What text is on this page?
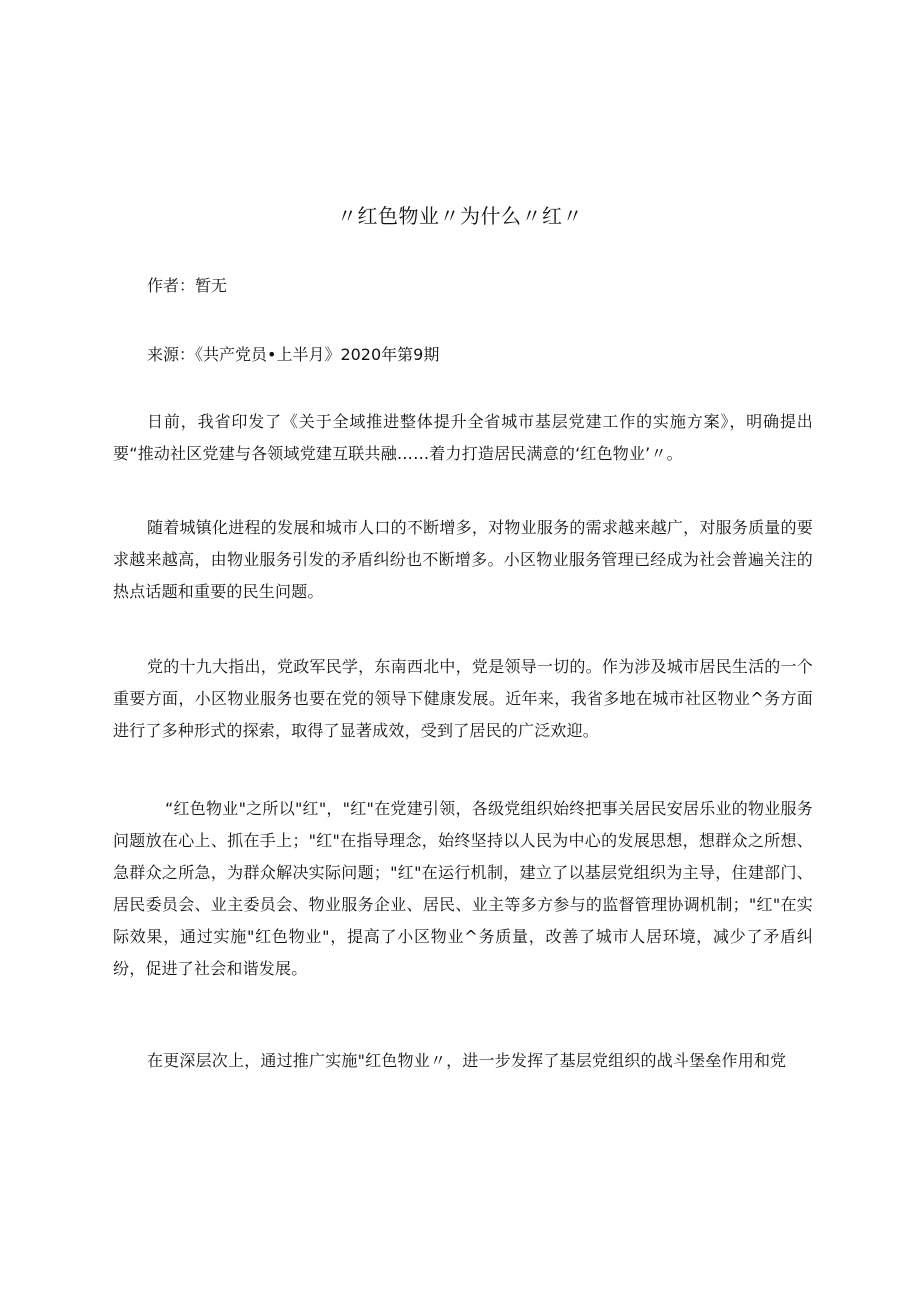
〃红色物业〃为什么〃红〃
作者：暂无
来源：《共产党员•上半月》2020年第9期

日前，我省印发了《关于全域推进整体提升全省城市基层党建工作的实施方案》，明确提出要“推动社区党建与各领域党建互联共融……着力打造居民满意的‘红色物业’〃。

随着城镇化进程的发展和城市人口的不断增多，对物业服务的需求越来越广，对服务质量的要求越来越高，由物业服务引发的矛盾纠纷也不断增多。小区物业服务管理已经成为社会普遍关注的热点话题和重要的民生问题。

党的十九大指出，党政军民学，东南西北中，党是领导一切的。作为涉及城市居民生活的一个重要方面，小区物业服务也要在党的领导下健康发展。近年来，我省多地在城市社区物业^务方面进行了多种形式的探索，取得了显著成效，受到了居民的广泛欢迎。

“红色物业"之所以"红"，"红"在党建引领，各级党组织始终把事关居民安居乐业的物业服务问题放在心上、抓在手上；"红"在指导理念，始终坚持以人民为中心的发展思想，想群众之所想、急群众之所急，为群众解决实际问题；"红"在运行机制，建立了以基层党组织为主导，住建部门、居民委员会、业主委员会、物业服务企业、居民、业主等多方参与的监督管理协调机制；"红"在实际效果，通过实施"红色物业"，提高了小区物业^务质量，改善了城市人居环境，减少了矛盾纠纷，促进了社会和谐发展。

在更深层次上，通过推广实施"红色物业〃，进一步发挥了基层党组织的战斗堡垒作用和党
